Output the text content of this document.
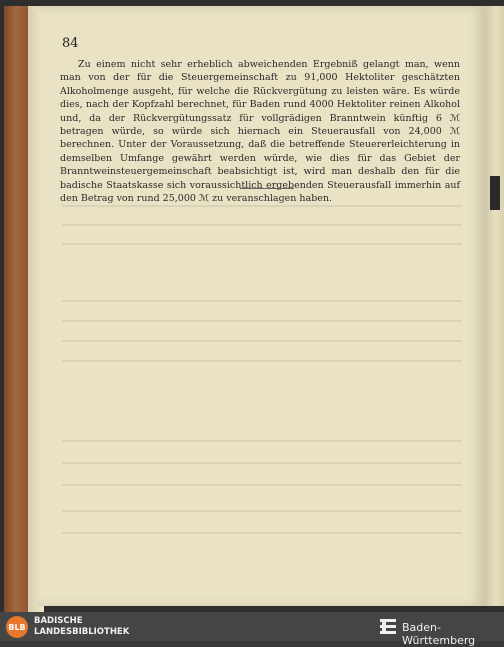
84

Zu einem nicht sehr erheblich abweichenden Ergebniß gelangt man, wenn man von der für die Steuergemeinschaft zu 91,000 Hektoliter geschätzten Alkoholmenge ausgeht, für welche die Rückvergütung zu leisten wäre. Es würde dies, nach der Kopfzahl berechnet, für Baden rund 4000 Hektoliter reinen Alkohol und, da der Rückvergütungssatz für vollgrädigen Branntwein künftig 6 ℳ betragen würde, so würde sich hiernach ein Steuerausfall von 24,000 ℳ berechnen. Unter der Voraussetzung, daß die betreffende Steuererleichterung in demselben Umfange gewährt werden würde, wie dies für das Gebiet der Branntweinsteuergemeinschaft beabsichtigt ist, wird man deshalb den für die badische Staatskasse sich voraussichtlich ergebenden Steuerausfall immerhin auf den Betrag von rund 25,000 ℳ zu veranschlagen haben.

BLB
BADISCHE
LANDESBIBLIOTHEK	Baden-Württemberg
